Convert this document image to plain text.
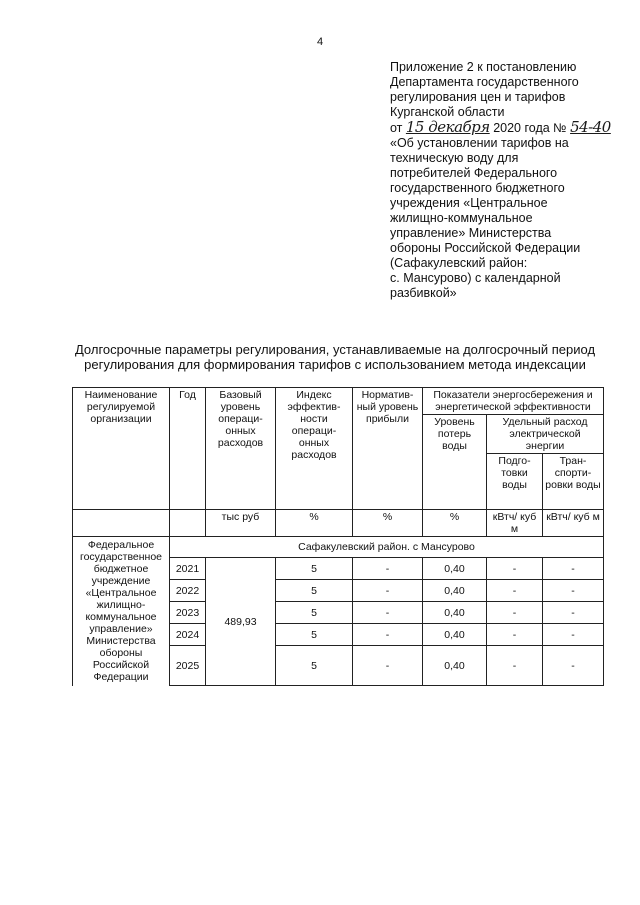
4
Приложение 2 к постановлению
Департамента государственного
регулирования цен и тарифов
Курганской области
от 15 декабря 2020 года № 54-40
«Об установлении тарифов на
техническую воду для
потребителей Федерального
государственного бюджетного
учреждения «Центральное
жилищно-коммунальное
управление» Министерства
обороны Российской Федерации
(Сафакулевский район:
с. Мансурово) с календарной
разбивкой»
Долгосрочные параметры регулирования, устанавливаемые на долгосрочный период
регулирования для формирования тарифов с использованием метода индексации
Наименование регулируемой организации	Год	Базовый уровень операци- онных расходов	Индекс эффектив- ности операци- онных расходов	Норматив- ный уровень прибыли	Показатели энергосбережения и энергетической эффективности		
					Уровень потерь воды	Удельный расход электрической энергии	
						Подго- товки воды	Тран- спорти- ровки воды
		тыс руб	%	%	%	кВтч/ куб м	кВтч/ куб м
Федеральное государственное бюджетное учреждение «Центральное жилищно- коммунальное управление» Министерства обороны Российской Федерации	Сафакулевский район. с Мансурово						
	2021	489,93	5	-	0,40	-	-
	2022		5	-	0,40	-	-
	2023		5	-	0,40	-	-
	2024		5	-	0,40	-	-
	2025		5	-	0,40	-	-
